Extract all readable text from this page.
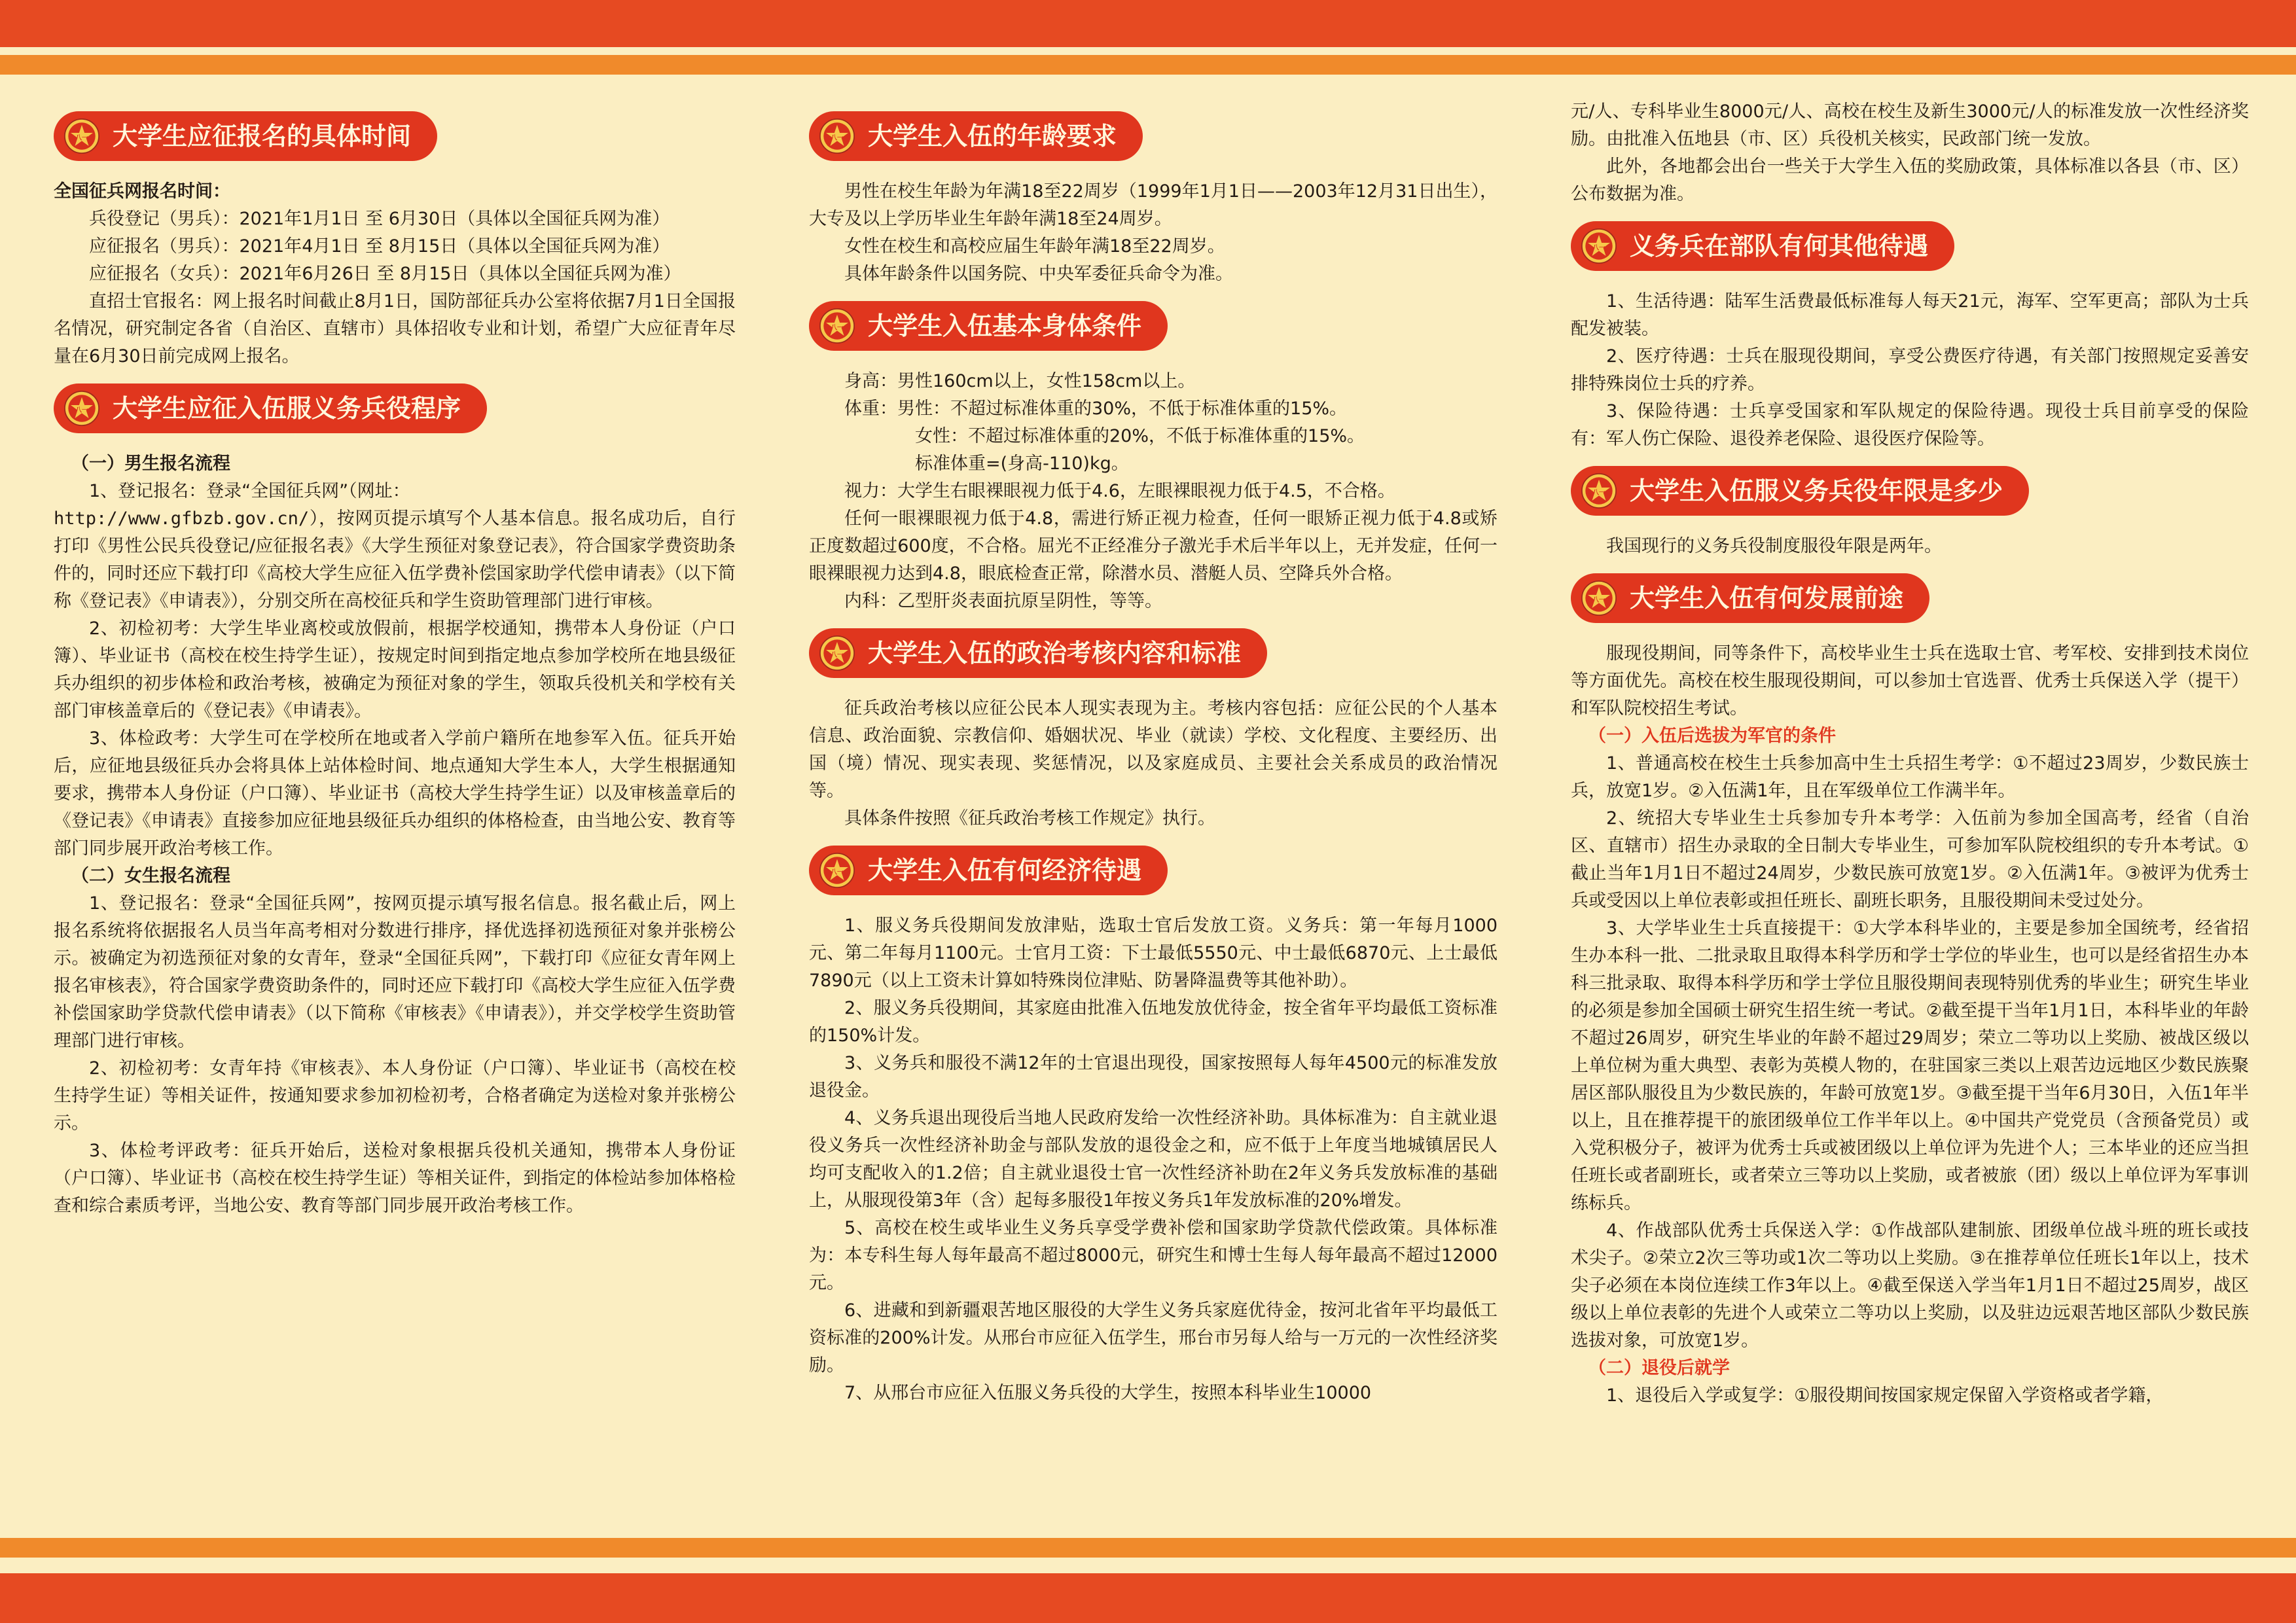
大学生应征报名的具体时间

全国征兵网报名时间：

兵役登记（男兵）：2021年1月1日 至 6月30日（具体以全国征兵网为准）

应征报名（男兵）：2021年4月1日 至 8月15日（具体以全国征兵网为准）

应征报名（女兵）：2021年6月26日 至 8月15日（具体以全国征兵网为准）

直招士官报名：网上报名时间截止8月1日，国防部征兵办公室将依据7月1日全国报名情况，研究制定各省（自治区、直辖市）具体招收专业和计划，希望广大应征青年尽量在6月30日前完成网上报名。

大学生应征入伍服义务兵役程序

（一）男生报名流程

1、登记报名：登录“全国征兵网”（网址：

http://www.gfbzb.gov.cn/），按网页提示填写个人基本信息。报名成功后，自行打印《男性公民兵役登记/应征报名表》《大学生预征对象登记表》，符合国家学费资助条件的，同时还应下载打印《高校大学生应征入伍学费补偿国家助学代偿申请表》（以下简称《登记表》《申请表》），分别交所在高校征兵和学生资助管理部门进行审核。

2、初检初考：大学生毕业离校或放假前，根据学校通知，携带本人身份证（户口簿）、毕业证书（高校在校生持学生证），按规定时间到指定地点参加学校所在地县级征兵办组织的初步体检和政治考核，被确定为预征对象的学生，领取兵役机关和学校有关部门审核盖章后的《登记表》《申请表》。

3、体检政考：大学生可在学校所在地或者入学前户籍所在地参军入伍。征兵开始后，应征地县级征兵办会将具体上站体检时间、地点通知大学生本人，大学生根据通知要求，携带本人身份证（户口簿）、毕业证书（高校大学生持学生证）以及审核盖章后的《登记表》《申请表》直接参加应征地县级征兵办组织的体格检查，由当地公安、教育等部门同步展开政治考核工作。

（二）女生报名流程

1、登记报名：登录“全国征兵网”，按网页提示填写报名信息。报名截止后，网上报名系统将依据报名人员当年高考相对分数进行排序，择优选择初选预征对象并张榜公示。被确定为初选预征对象的女青年，登录“全国征兵网”，下载打印《应征女青年网上报名审核表》，符合国家学费资助条件的，同时还应下载打印《高校大学生应征入伍学费补偿国家助学贷款代偿申请表》（以下简称《审核表》《申请表》），并交学校学生资助管理部门进行审核。

2、初检初考：女青年持《审核表》、本人身份证（户口簿）、毕业证书（高校在校生持学生证）等相关证件，按通知要求参加初检初考，合格者确定为送检对象并张榜公示。

3、体检考评政考：征兵开始后，送检对象根据兵役机关通知，携带本人身份证（户口簿）、毕业证书（高校在校生持学生证）等相关证件，到指定的体检站参加体格检查和综合素质考评，当地公安、教育等部门同步展开政治考核工作。

大学生入伍的年龄要求

男性在校生年龄为年满18至22周岁（1999年1月1日——2003年12月31日出生），大专及以上学历毕业生年龄年满18至24周岁。

女性在校生和高校应届生年龄年满18至22周岁。

具体年龄条件以国务院、中央军委征兵命令为准。

大学生入伍基本身体条件

身高：男性160cm以上，女性158cm以上。

体重：男性：不超过标准体重的30%，不低于标准体重的15%。

女性：不超过标准体重的20%，不低于标准体重的15%。

标准体重=(身高-110)kg。

视力：大学生右眼裸眼视力低于4.6，左眼裸眼视力低于4.5，不合格。

任何一眼裸眼视力低于4.8，需进行矫正视力检查，任何一眼矫正视力低于4.8或矫正度数超过600度，不合格。屈光不正经准分子激光手术后半年以上，无并发症，任何一眼裸眼视力达到4.8，眼底检查正常，除潜水员、潜艇人员、空降兵外合格。

内科：乙型肝炎表面抗原呈阴性，等等。

大学生入伍的政治考核内容和标准

征兵政治考核以应征公民本人现实表现为主。考核内容包括：应征公民的个人基本信息、政治面貌、宗教信仰、婚姻状况、毕业（就读）学校、文化程度、主要经历、出国（境）情况、现实表现、奖惩情况，以及家庭成员、主要社会关系成员的政治情况等。

具体条件按照《征兵政治考核工作规定》执行。

大学生入伍有何经济待遇

1、服义务兵役期间发放津贴，选取士官后发放工资。义务兵：第一年每月1000元、第二年每月1100元。士官月工资：下士最低5550元、中士最低6870元、上士最低7890元（以上工资未计算如特殊岗位津贴、防暑降温费等其他补助）。

2、服义务兵役期间，其家庭由批准入伍地发放优待金，按全省年平均最低工资标准的150%计发。

3、义务兵和服役不满12年的士官退出现役，国家按照每人每年4500元的标准发放退役金。

4、义务兵退出现役后当地人民政府发给一次性经济补助。具体标准为：自主就业退役义务兵一次性经济补助金与部队发放的退役金之和，应不低于上年度当地城镇居民人均可支配收入的1.2倍；自主就业退役士官一次性经济补助在2年义务兵发放标准的基础上，从服现役第3年（含）起每多服役1年按义务兵1年发放标准的20%增发。

5、高校在校生或毕业生义务兵享受学费补偿和国家助学贷款代偿政策。具体标准为：本专科生每人每年最高不超过8000元，研究生和博士生每人每年最高不超过12000元。

6、进藏和到新疆艰苦地区服役的大学生义务兵家庭优待金，按河北省年平均最低工资标准的200%计发。从邢台市应征入伍学生，邢台市另每人给与一万元的一次性经济奖励。

7、从邢台市应征入伍服义务兵役的大学生，按照本科毕业生10000

元/人、专科毕业生8000元/人、高校在校生及新生3000元/人的标准发放一次性经济奖励。由批准入伍地县（市、区）兵役机关核实，民政部门统一发放。

此外，各地都会出台一些关于大学生入伍的奖励政策，具体标准以各县（市、区）公布数据为准。

义务兵在部队有何其他待遇

1、生活待遇：陆军生活费最低标准每人每天21元，海军、空军更高；部队为士兵配发被装。

2、医疗待遇：士兵在服现役期间，享受公费医疗待遇，有关部门按照规定妥善安排特殊岗位士兵的疗养。

3、保险待遇：士兵享受国家和军队规定的保险待遇。现役士兵目前享受的保险有：军人伤亡保险、退役养老保险、退役医疗保险等。

大学生入伍服义务兵役年限是多少

我国现行的义务兵役制度服役年限是两年。

大学生入伍有何发展前途

服现役期间，同等条件下，高校毕业生士兵在选取士官、考军校、安排到技术岗位等方面优先。高校在校生服现役期间，可以参加士官选晋、优秀士兵保送入学（提干）和军队院校招生考试。

（一）入伍后选拔为军官的条件

1、普通高校在校生士兵参加高中生士兵招生考学：①不超过23周岁，少数民族士兵，放宽1岁。②入伍满1年，且在军级单位工作满半年。

2、统招大专毕业生士兵参加专升本考学：入伍前为参加全国高考，经省（自治区、直辖市）招生办录取的全日制大专毕业生，可参加军队院校组织的专升本考试。①截止当年1月1日不超过24周岁，少数民族可放宽1岁。②入伍满1年。③被评为优秀士兵或受因以上单位表彰或担任班长、副班长职务，且服役期间未受过处分。

3、大学毕业生士兵直接提干：①大学本科毕业的，主要是参加全国统考，经省招生办本科一批、二批录取且取得本科学历和学士学位的毕业生，也可以是经省招生办本科三批录取、取得本科学历和学士学位且服役期间表现特别优秀的毕业生；研究生毕业的必须是参加全国硕士研究生招生统一考试。②截至提干当年1月1日，本科毕业的年龄不超过26周岁，研究生毕业的年龄不超过29周岁；荣立二等功以上奖励、被战区级以上单位树为重大典型、表彰为英模人物的，在驻国家三类以上艰苦边远地区少数民族聚居区部队服役且为少数民族的，年龄可放宽1岁。③截至提干当年6月30日，入伍1年半以上，且在推荐提干的旅团级单位工作半年以上。④中国共产党党员（含预备党员）或入党积极分子，被评为优秀士兵或被团级以上单位评为先进个人；三本毕业的还应当担任班长或者副班长，或者荣立三等功以上奖励，或者被旅（团）级以上单位评为军事训练标兵。

4、作战部队优秀士兵保送入学：①作战部队建制旅、团级单位战斗班的班长或技术尖子。②荣立2次三等功或1次二等功以上奖励。③在推荐单位任班长1年以上，技术尖子必须在本岗位连续工作3年以上。④截至保送入学当年1月1日不超过25周岁，战区级以上单位表彰的先进个人或荣立二等功以上奖励，以及驻边远艰苦地区部队少数民族选拔对象，可放宽1岁。

（二）退役后就学

1、退役后入学或复学：①服役期间按国家规定保留入学资格或者学籍，
